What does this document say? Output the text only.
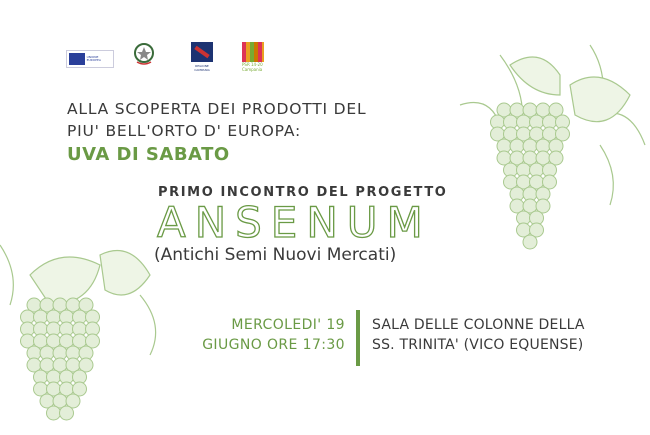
UNIONE EUROPEA
REGIONE CAMPANIA
PSR 14-20 Campania
ALLA SCOPERTA DEI PRODOTTI DEL
PIU' BELL'ORTO D' EUROPA:
UVA DI SABATO
PRIMO INCONTRO DEL PROGETTO
ANSENUM
(Antichi Semi Nuovi Mercati)
MERCOLEDI' 19
GIUGNO ORE 17:30
SALA DELLE COLONNE DELLA
SS. TRINITA' (VICO EQUENSE)
